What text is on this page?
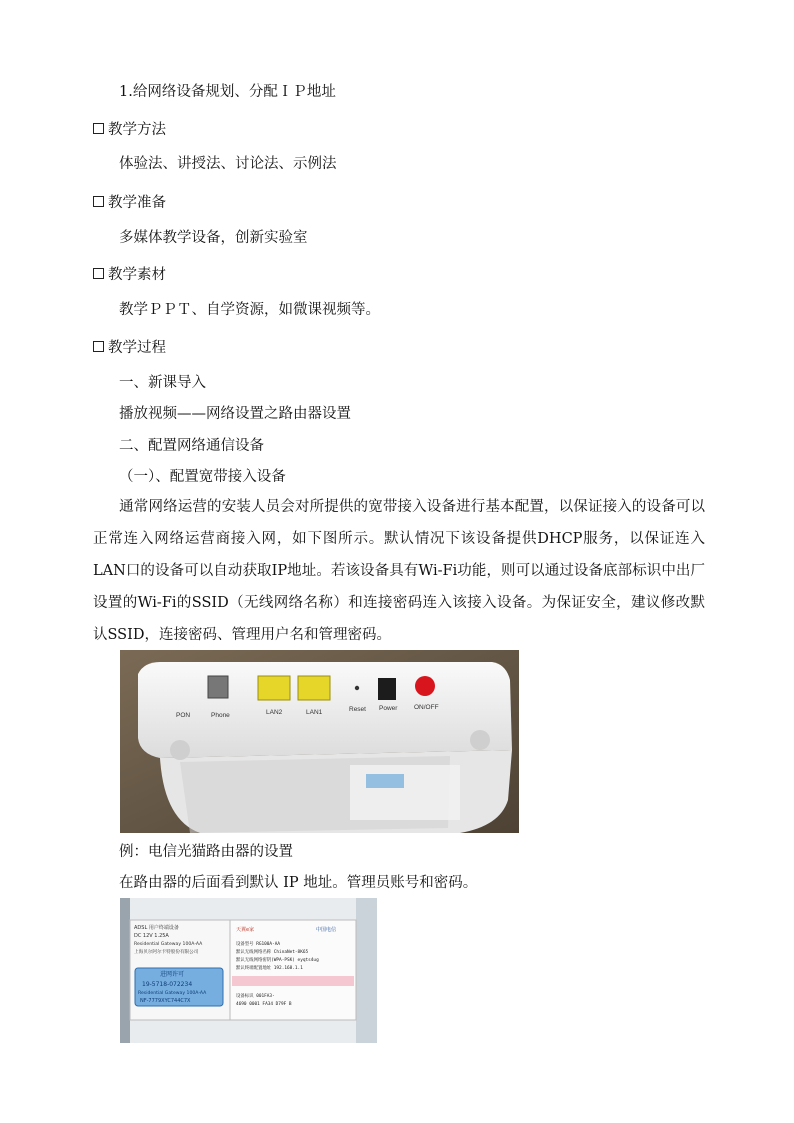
1.给网络设备规划、分配ＩＰ地址
教学方法
体验法、讲授法、讨论法、示例法
教学准备
多媒体教学设备，创新实验室
教学素材
教学ＰＰＴ、自学资源，如微课视频等。
教学过程
一、新课导入
播放视频——网络设置之路由器设置
二、配置网络通信设备
（一）、配置宽带接入设备
通常网络运营的安装人员会对所提供的宽带接入设备进行基本配置，以保证接入的设备可以正常连入网络运营商接入网，如下图所示。默认情况下该设备提供DHCP服务，以保证连入LAN口的设备可以自动获取IP地址。若该设备具有Wi-Fi功能，则可以通过设备底部标识中出厂设置的Wi-Fi的SSID（无线网络名称）和连接密码连入该接入设备。为保证安全，建议修改默认SSID，连接密码、管理用户名和管理密码。
PON	Phone	LAN2	LAN1	Reset Power	ON/OFF
例：电信光猫路由器的设置
在路由器的后面看到默认 IP 地址。管理员账号和密码。
ADSL 用户终端设备
DC 12V 1.25A
Residential Gateway 100A-AA
上海贝尔阿尔卡特股份有限公司
进网许可
19-5718-072234
Residential Gateway 100A-AA
NF-7779XYC744C7X
天翼e家	中国电信
设备型号 RG100A-AA
默认无线网络名称 ChinaNet-8K65
默认无线网络密钥(WPA-PSK) eyqts4ug
默认终端配置地址 192.168.1.1
设备标识 001FA3-
4690 0001 FA34 D79F B
